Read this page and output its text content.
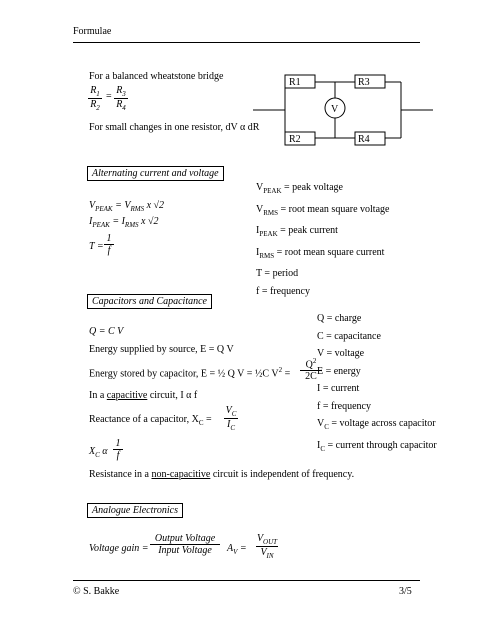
Formulae
For a balanced wheatstone bridge
$R_1$
$R_2$
=
$R_3$
$R_4$
For small changes in one resistor, dV α dR
R1	R3
R2	R4
V
Alternating current and voltage
$V_{PEAK} = V_{RMS}$ x √2
$I_{PEAK} = I_{RMS}$ x √2
T =
1
f
$V_{PEAK}$ = peak voltage
$V_{RMS}$ = root mean square voltage
$I_{PEAK}$ = peak current
$I_{RMS}$ = root mean square current
T = period
f = frequency
Capacitors and Capacitance
Q = C V
Energy supplied by source, E = Q V
Energy stored by capacitor, E = ½ Q V = ½C $V^2$ =
$Q^2$
2C
In a capacitive circuit, I α f
Reactance of a capacitor, $X_C$ =
$V_C$
$I_C$
$X_C$ α
1
f
Resistance in a non-capacitive circuit is independent of frequency.
Q = charge
C = capacitance
V = voltage
E = energy
I = current
f = frequency
$V_C$ = voltage across capacitor
$I_C$ = current through capacitor
Analogue Electronics
Voltage gain =
Output Voltage
Input Voltage	$A_V$ =
$V_{OUT}$
$V_{IN}$
© S. Bakke	3/5
